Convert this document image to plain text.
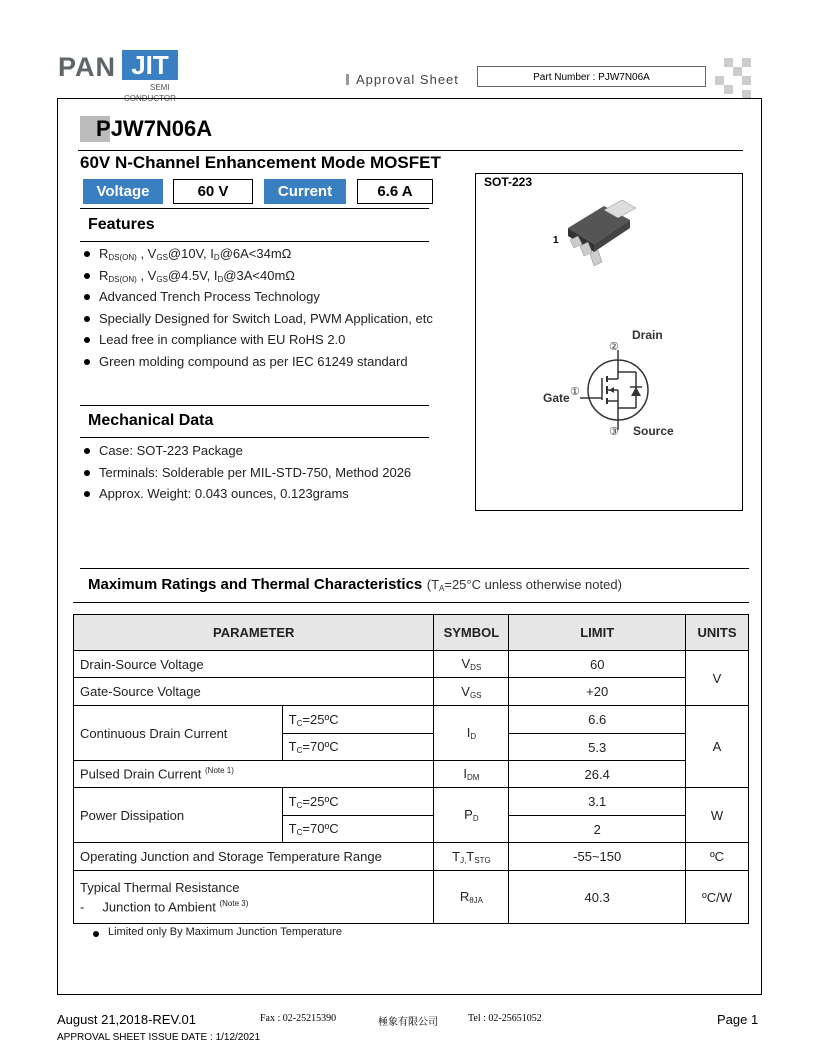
PAN JIT
SEMI
Approval Sheet	Part Number : PJW7N06A
PJW7N06A
60V N-Channel Enhancement Mode MOSFET
Voltage	60 V	Current	6.6 A
Features
$R_{DS(ON)}$ , $V_{GS}@10V$, $I_D@6A<34m\Omega$
$R_{DS(ON)}$ , $V_{GS}@4.5V$, $I_D@3A<40m\Omega$
Advanced Trench Process Technology
Specially Designed for Switch Load, PWM Application, etc
Lead free in compliance with EU RoHS 2.0
Green molding compound as per IEC 61249 standard
Mechanical Data
Case: SOT-223 Package
Terminals: Solderable per MIL-STD-750, Method 2026
Approx. Weight: 0.043 ounces, 0.123grams
SOT-223
1
Drain
Gate
Source
②
①
③
Maximum Ratings and Thermal Characteristics ($T_A=25^\circ C$ unless otherwise noted)
PARAMETER		SYMBOL	LIMIT	UNITS
Drain-Source Voltage		$V_{DS}$	60	V
Gate-Source Voltage		$V_{GS}$	+20	
Continuous Drain Current	$T_C=25ºC$	$I_D$	6.6	A
	$T_C=70ºC$		5.3	
Pulsed Drain Current $^{(Note 1)}$		$I_{DM}$	26.4	
Power Dissipation	$T_C=25ºC$	$P_D$	3.1	W
	$T_C=70ºC$		2	
Operating Junction and Storage Temperature Range		$T_{J,}T_{STG}$	-55~150	ºC

Typical Thermal Resistance
-     Junction to Ambient $^{(Note 3)}$		$R_{\theta JA}$	40.3	ºC/W
Limited only By Maximum Junction Temperature
August 21,2018-REV.01	Fax : 02-25215390	極象有限公司	Tel : 02-25651052	Page 1
APPROVAL SHEET ISSUE DATE : 1/12/2021
